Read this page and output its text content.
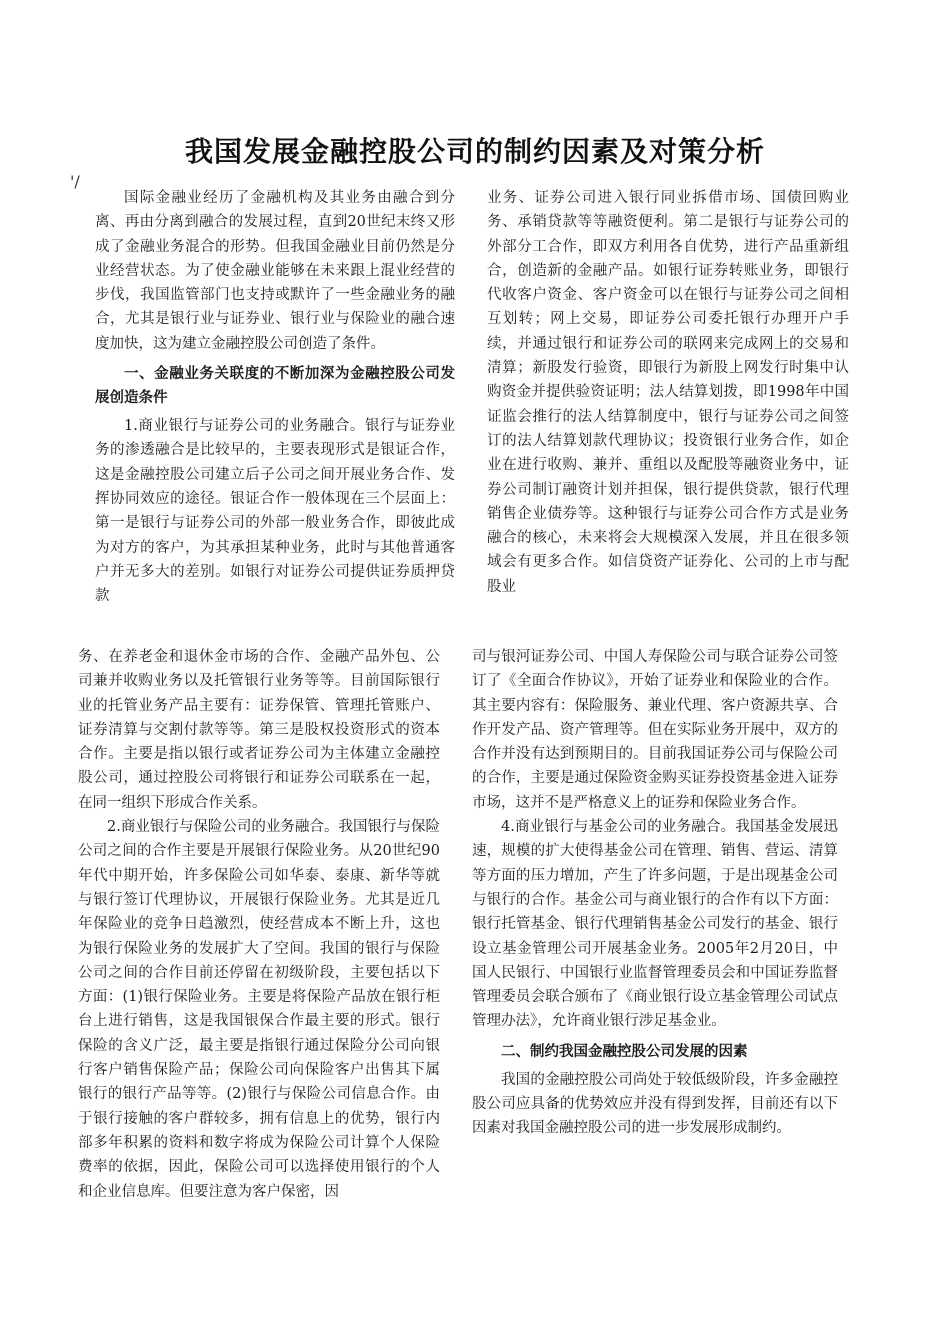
我国发展金融控股公司的制约因素及对策分析
'/

国际金融业经历了金融机构及其业务由融合到分离、再由分离到融合的发展过程，直到20世纪末终又形成了金融业务混合的形势。但我国金融业目前仍然是分业经营状态。为了使金融业能够在未来跟上混业经营的步伐，我国监管部门也支持或默许了一些金融业务的融合，尤其是银行业与证券业、银行业与保险业的融合速度加快，这为建立金融控股公司创造了条件。

一、金融业务关联度的不断加深为金融控股公司发展创造条件

1.商业银行与证券公司的业务融合。银行与证券业务的渗透融合是比较早的，主要表现形式是银证合作，这是金融控股公司建立后子公司之间开展业务合作、发挥协同效应的途径。银证合作一般体现在三个层面上：第一是银行与证券公司的外部一般业务合作，即彼此成为对方的客户，为其承担某种业务，此时与其他普通客户并无多大的差别。如银行对证券公司提供证券质押贷款

业务、证券公司进入银行同业拆借市场、国债回购业务、承销贷款等等融资便利。第二是银行与证券公司的外部分工合作，即双方利用各自优势，进行产品重新组合，创造新的金融产品。如银行证券转账业务，即银行代收客户资金、客户资金可以在银行与证券公司之间相互划转；网上交易，即证券公司委托银行办理开户手续，并通过银行和证券公司的联网来完成网上的交易和清算；新股发行验资，即银行为新股上网发行时集中认购资金并提供验资证明；法人结算划拨，即1998年中国证监会推行的法人结算制度中，银行与证券公司之间签订的法人结算划款代理协议；投资银行业务合作，如企业在进行收购、兼并、重组以及配股等融资业务中，证券公司制订融资计划并担保，银行提供贷款，银行代理销售企业债券等。这种银行与证券公司合作方式是业务融合的核心，未来将会大规模深入发展，并且在很多领域会有更多合作。如信贷资产证券化、公司的上市与配股业

务、在养老金和退休金市场的合作、金融产品外包、公司兼并收购业务以及托管银行业务等等。目前国际银行业的托管业务产品主要有：证券保管、管理托管账户、证券清算与交割付款等等。第三是股权投资形式的资本合作。主要是指以银行或者证券公司为主体建立金融控股公司，通过控股公司将银行和证券公司联系在一起，在同一组织下形成合作关系。

2.商业银行与保险公司的业务融合。我国银行与保险公司之间的合作主要是开展银行保险业务。从20世纪90年代中期开始，许多保险公司如华泰、泰康、新华等就与银行签订代理协议，开展银行保险业务。尤其是近几年保险业的竞争日趋激烈，使经营成本不断上升，这也为银行保险业务的发展扩大了空间。我国的银行与保险公司之间的合作目前还停留在初级阶段，主要包括以下方面：(1)银行保险业务。主要是将保险产品放在银行柜台上进行销售，这是我国银保合作最主要的形式。银行保险的含义广泛，最主要是指银行通过保险分公司向银行客户销售保险产品；保险公司向保险客户出售其下属银行的银行产品等等。(2)银行与保险公司信息合作。由于银行接触的客户群较多，拥有信息上的优势，银行内部多年积累的资料和数字将成为保险公司计算个人保险费率的依据，因此，保险公司可以选择使用银行的个人和企业信息库。但要注意为客户保密，因

司与银河证券公司、中国人寿保险公司与联合证券公司签订了《全面合作协议》，开始了证券业和保险业的合作。其主要内容有：保险服务、兼业代理、客户资源共享、合作开发产品、资产管理等。但在实际业务开展中，双方的合作并没有达到预期目的。目前我国证券公司与保险公司的合作，主要是通过保险资金购买证券投资基金进入证券市场，这并不是严格意义上的证券和保险业务合作。

4.商业银行与基金公司的业务融合。我国基金发展迅速，规模的扩大使得基金公司在管理、销售、营运、清算等方面的压力增加，产生了许多问题，于是出现基金公司与银行的合作。基金公司与商业银行的合作有以下方面：银行托管基金、银行代理销售基金公司发行的基金、银行设立基金管理公司开展基金业务。2005年2月20日，中国人民银行、中国银行业监督管理委员会和中国证券监督管理委员会联合颁布了《商业银行设立基金管理公司试点管理办法》，允许商业银行涉足基金业。

二、制约我国金融控股公司发展的因素

我国的金融控股公司尚处于较低级阶段，许多金融控股公司应具备的优势效应并没有得到发挥，目前还有以下因素对我国金融控股公司的进一步发展形成制约。
